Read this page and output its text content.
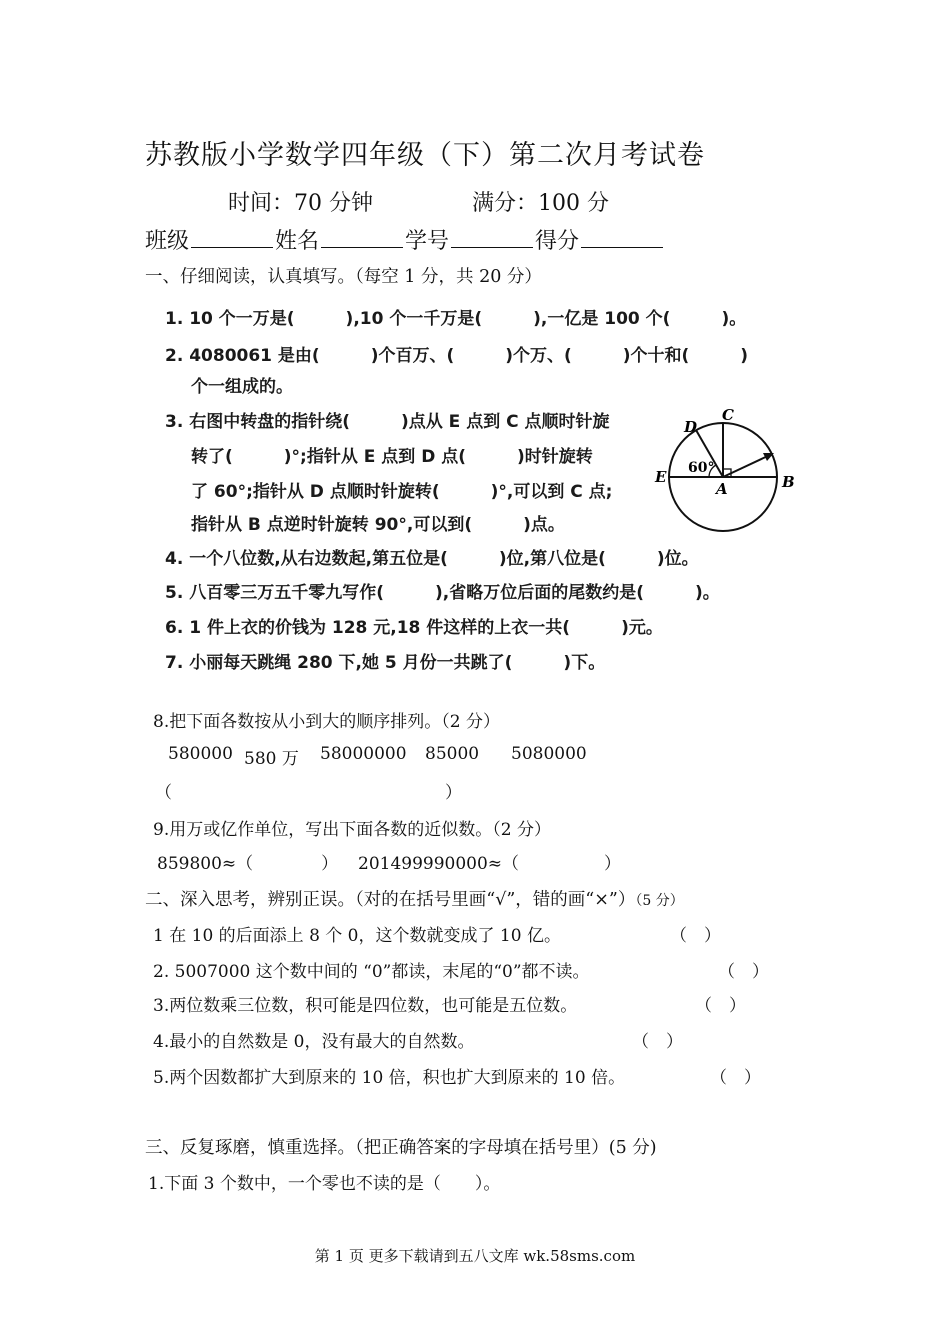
苏教版小学数学四年级（下）第二次月考试卷
时间：70 分钟	满分：100 分
班级	姓名	学号	得分
一、仔细阅读，认真填写。（每空 1 分，共 20 分）
1. 10 个一万是(　　　),10 个一千万是(　　　),一亿是 100 个(　　　)。
2. 4080061 是由(　　　)个百万、(　　　)个万、(　　　)个十和(　　　)
个一组成的。
3. 右图中转盘的指针绕(　　　)点从 E 点到 C 点顺时针旋
转了(　　　)°;指针从 E 点到 D 点(　　　)时针旋转
了 60°;指针从 D 点顺时针旋转(　　　)°,可以到 C 点;
指针从 B 点逆时针旋转 90°,可以到(　　　)点。
4. 一个八位数,从右边数起,第五位是(　　　)位,第八位是(　　　)位。
5. 八百零三万五千零九写作(　　　),省略万位后面的尾数约是(　　　)。
6. 1 件上衣的价钱为 128 元,18 件这样的上衣一共(　　　)元。
7. 小丽每天跳绳 280 下,她 5 月份一共跳了(　　　)下。
60°
C
D
E	B
A
8.把下面各数按从小到大的顺序排列。（2 分）
580000 580 万 58000000 85000 5080000
（	）
9.用万或亿作单位，写出下面各数的近似数。（2 分）
859800≈（　　　　） 201499990000≈（　　　　　）
二、深入思考，辨别正误。（对的在括号里画“√”，错的画“×”）（5 分）
1 在 10 的后面添上 8 个 0，这个数就变成了 10 亿。	（　）
2. 5007000 这个数中间的 “0”都读，末尾的“0”都不读。	（　）
3.两位数乘三位数，积可能是四位数，也可能是五位数。	（　）
4.最小的自然数是 0，没有最大的自然数。	（　）
5.两个因数都扩大到原来的 10 倍，积也扩大到原来的 10 倍。	（　）
三、反复琢磨，慎重选择。（把正确答案的字母填在括号里）(5 分)
1.下面 3 个数中，一个零也不读的是（　　）。
第 1 页 更多下载请到五八文库 wk.58sms.com
